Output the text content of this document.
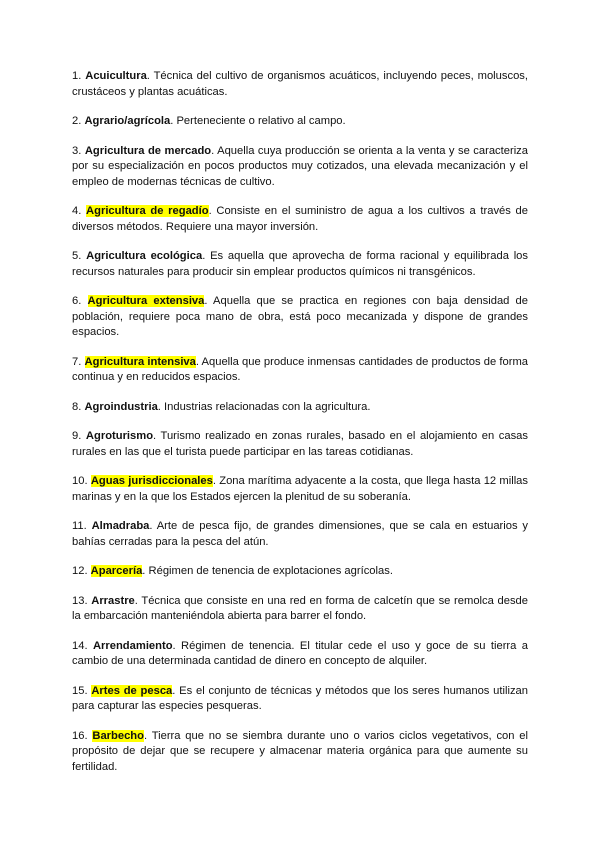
1. Acuicultura. Técnica del cultivo de organismos acuáticos, incluyendo peces, moluscos, crustáceos y plantas acuáticas.

2. Agrario/agrícola. Perteneciente o relativo al campo.

3. Agricultura de mercado. Aquella cuya producción se orienta a la venta y se caracteriza por su especialización en pocos productos muy cotizados, una elevada mecanización y el empleo de modernas técnicas de cultivo.

4. Agricultura de regadío. Consiste en el suministro de agua a los cultivos a través de diversos métodos. Requiere una mayor inversión.

5. Agricultura ecológica. Es aquella que aprovecha de forma racional y equilibrada los recursos naturales para producir sin emplear productos químicos ni transgénicos.

6. Agricultura extensiva. Aquella que se practica en regiones con baja densidad de población, requiere poca mano de obra, está poco mecanizada y dispone de grandes espacios.

7. Agricultura intensiva. Aquella que produce inmensas cantidades de productos de forma continua y en reducidos espacios.

8. Agroindustria. Industrias relacionadas con la agricultura.

9. Agroturismo. Turismo realizado en zonas rurales, basado en el alojamiento en casas rurales en las que el turista puede participar en las tareas cotidianas.

10. Aguas jurisdiccionales. Zona marítima adyacente a la costa, que llega hasta 12 millas marinas y en la que los Estados ejercen la plenitud de su soberanía.

11. Almadraba. Arte de pesca fijo, de grandes dimensiones, que se cala en estuarios y bahías cerradas para la pesca del atún.

12. Aparcería. Régimen de tenencia de explotaciones agrícolas.

13. Arrastre. Técnica que consiste en una red en forma de calcetín que se remolca desde la embarcación manteniéndola abierta para barrer el fondo.

14. Arrendamiento. Régimen de tenencia. El titular cede el uso y goce de su tierra a cambio de una determinada cantidad de dinero en concepto de alquiler.

15. Artes de pesca. Es el conjunto de técnicas y métodos que los seres humanos utilizan para capturar las especies pesqueras.

16. Barbecho. Tierra que no se siembra durante uno o varios ciclos vegetativos, con el propósito de dejar que se recupere y almacenar materia orgánica para que aumente su fertilidad.
